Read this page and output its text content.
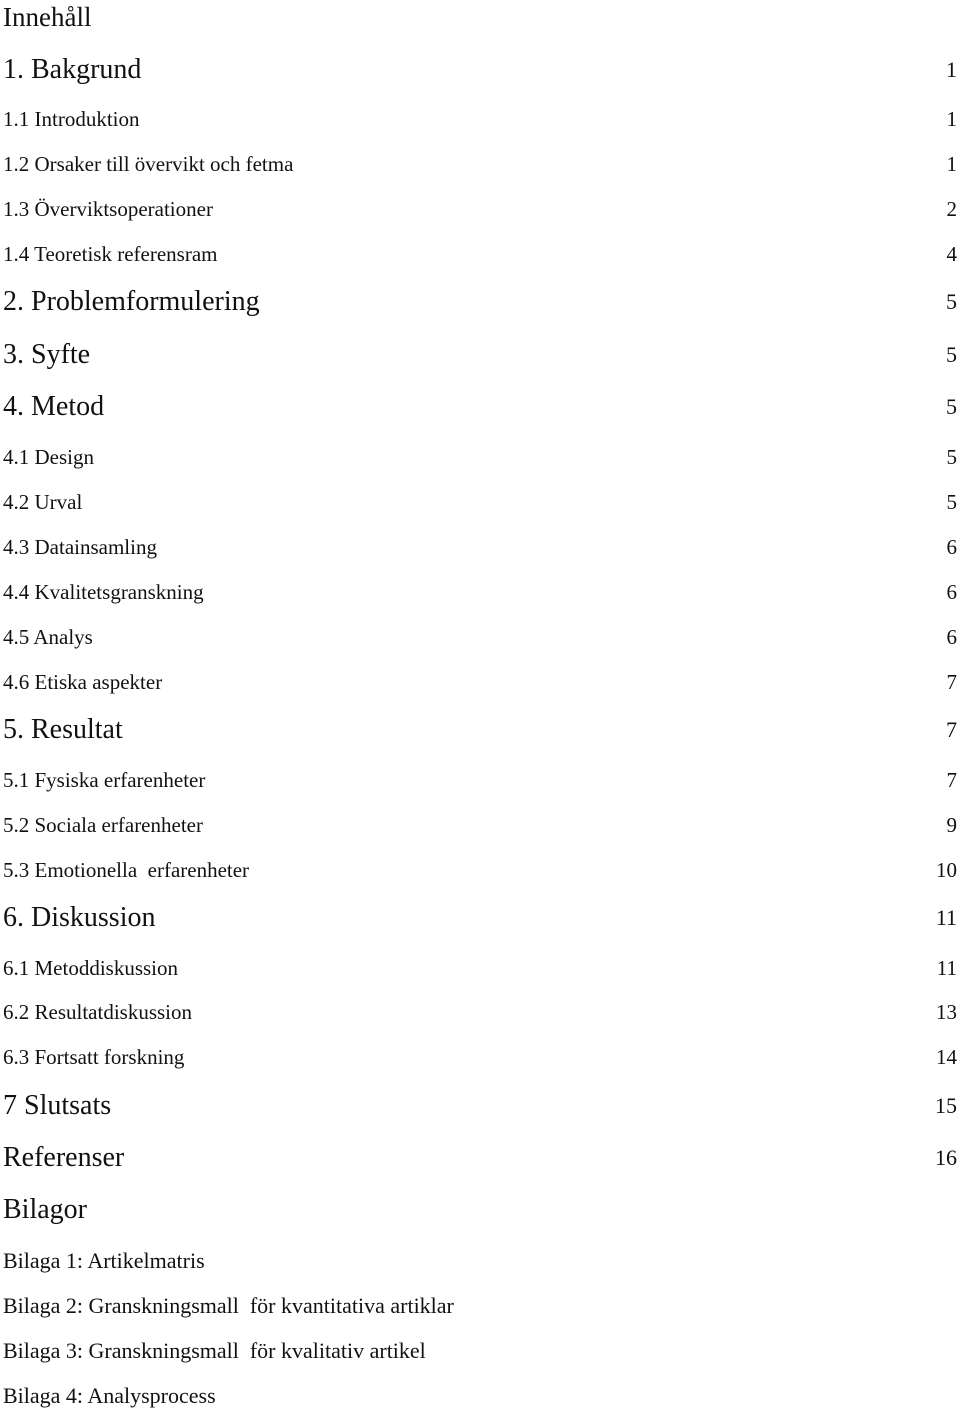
Innehåll
1. Bakgrund	1
1.1 Introduktion	1
1.2 Orsaker till övervikt och fetma	1
1.3 Överviktsoperationer	2
1.4 Teoretisk referensram	4
2. Problemformulering	5
3. Syfte	5
4. Metod	5
4.1 Design	5
4.2 Urval	5
4.3 Datainsamling	6
4.4 Kvalitetsgranskning	6
4.5 Analys	6
4.6 Etiska aspekter	7
5. Resultat	7
5.1 Fysiska erfarenheter	7
5.2 Sociala erfarenheter	9
5.3 Emotionella  erfarenheter	10
6. Diskussion	11
6.1 Metoddiskussion	11
6.2 Resultatdiskussion	13
6.3 Fortsatt forskning	14
7 Slutsats	15
Referenser	16
Bilagor
Bilaga 1: Artikelmatris
Bilaga 2: Granskningsmall  för kvantitativa artiklar
Bilaga 3: Granskningsmall  för kvalitativ artikel
Bilaga 4: Analysprocess
